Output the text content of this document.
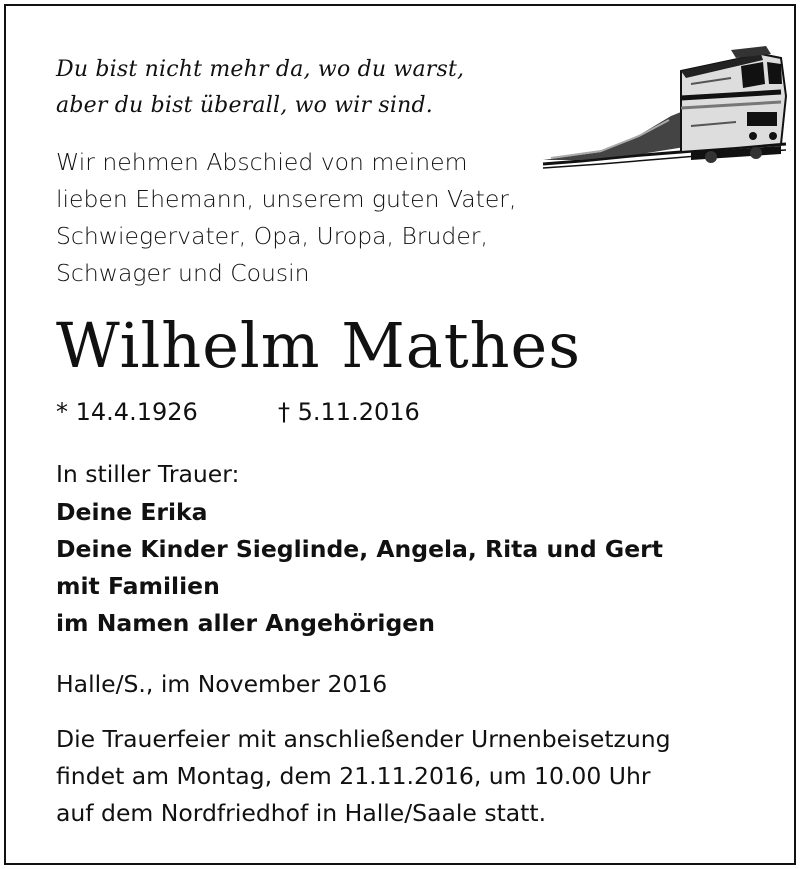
Du bist nicht mehr da, wo du warst,
aber du bist überall, wo wir sind.
Wir nehmen Abschied von meinem
lieben Ehemann, unserem guten Vater,
Schwiegervater, Opa, Uropa, Bruder,
Schwager und Cousin
Wilhelm Mathes
* 14.4.1926	† 5.11.2016
In stiller Trauer:
Deine Erika
Deine Kinder Sieglinde, Angela, Rita und Gert
mit Familien
im Namen aller Angehörigen
Halle/S., im November 2016
Die Trauerfeier mit anschließender Urnenbeisetzung
findet am Montag, dem 21.11.2016, um 10.00 Uhr
auf dem Nordfriedhof in Halle/Saale statt.
